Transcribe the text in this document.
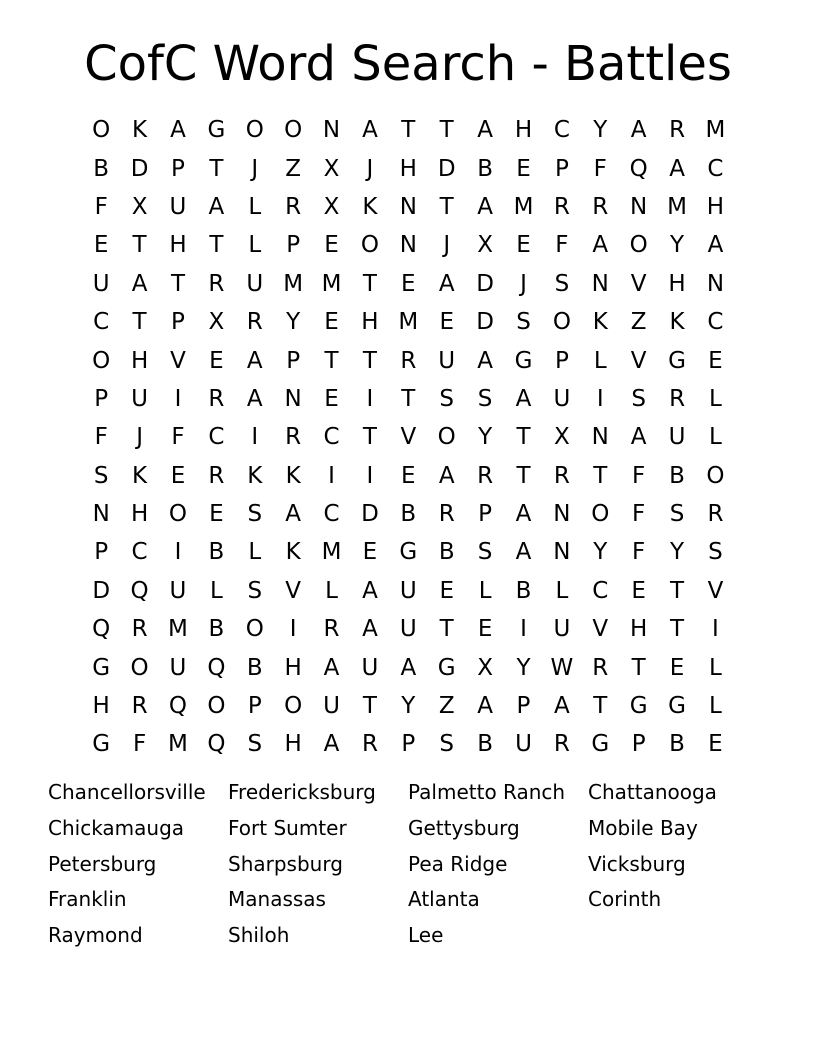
CofC Word Search - Battles
O K A G O O N A	T	T	A H C	Y	A R M
B D P	T	J	Z X	J	H D B	E	P	F Q A C
F	X U A	L	R X K N T	A M R R N M H
E	T H T	L	P	E O N	J	X	E	F	A O Y	A
U A	T	R U M M T	E	A D	J	S N V H N
C	T	P	X R	Y	E H M E D S O K Z K C
O H V	E	A	P	T	T	R U A G P	L	V G E
P	U	I	R A N E	I	T	S	S	A U	I	S	R	L
F	J	F	C	I	R C	T	V O Y	T	X N A U	L
S	K	E	R K	K	I	I	E	A R	T	R	T	F	B O
N H O E	S	A C D B R	P	A N O F	S	R
P	C	I	B	L	K M E G B	S	A N Y	F	Y	S
D Q U	L	S	V	L	A U E	L	B	L	C	E	T	V
Q R M B O	I	R A U T	E	I	U V H T	I
G O U Q B H A U A G X	Y W R	T	E	L
H R Q O P O U T	Y	Z A	P	A	T G G	L
G F M Q S H A R	P	S	B U R G P	B	E
Chancellorsville	Fredericksburg	Palmetto Ranch	Chattanooga
Chickamauga	Fort Sumter	Gettysburg	Mobile Bay
Petersburg	Sharpsburg	Pea Ridge	Vicksburg
Franklin	Manassas	Atlanta	Corinth
Raymond	Shiloh	Lee
